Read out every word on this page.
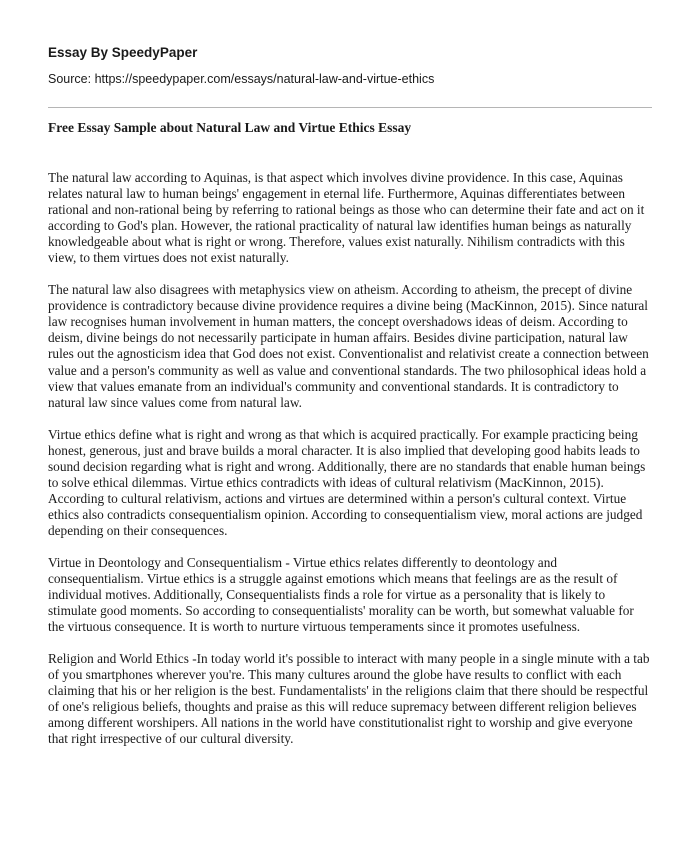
Essay By SpeedyPaper
Source: https://speedypaper.com/essays/natural-law-and-virtue-ethics
Free Essay Sample about Natural Law and Virtue Ethics Essay

The natural law according to Aquinas, is that aspect which involves divine providence. In this case, Aquinas relates natural law to human beings' engagement in eternal life. Furthermore, Aquinas differentiates between rational and non-rational being by referring to rational beings as those who can determine their fate and act on it according to God's plan. However, the rational practicality of natural law identifies human beings as naturally knowledgeable about what is right or wrong. Therefore, values exist naturally. Nihilism contradicts with this view, to them virtues does not exist naturally.

The natural law also disagrees with metaphysics view on atheism. According to atheism, the precept of divine providence is contradictory because divine providence requires a divine being (MacKinnon, 2015). Since natural law recognises human involvement in human matters, the concept overshadows ideas of deism. According to deism, divine beings do not necessarily participate in human affairs. Besides divine participation, natural law rules out the agnosticism idea that God does not exist. Conventionalist and relativist create a connection between value and a person's community as well as value and conventional standards. The two philosophical ideas hold a view that values emanate from an individual's community and conventional standards. It is contradictory to natural law since values come from natural law.

Virtue ethics define what is right and wrong as that which is acquired practically. For example practicing being honest, generous, just and brave builds a moral character. It is also implied that developing good habits leads to sound decision regarding what is right and wrong. Additionally, there are no standards that enable human beings to solve ethical dilemmas. Virtue ethics contradicts with ideas of cultural relativism (MacKinnon, 2015). According to cultural relativism, actions and virtues are determined within a person's cultural context. Virtue ethics also contradicts consequentialism opinion. According to consequentialism view, moral actions are judged depending on their consequences.

Virtue in Deontology and Consequentialism - Virtue ethics relates differently to deontology and consequentialism. Virtue ethics is a struggle against emotions which means that feelings are as the result of individual motives. Additionally, Consequentialists finds a role for virtue as a personality that is likely to stimulate good moments. So according to consequentialists' morality can be worth, but somewhat valuable for the virtuous consequence. It is worth to nurture virtuous temperaments since it promotes usefulness.

Religion and World Ethics -In today world it's possible to interact with many people in a single minute with a tab of you smartphones wherever you're. This many cultures around the globe have results to conflict with each claiming that his or her religion is the best. Fundamentalists' in the religions claim that there should be respectful of one's religious beliefs, thoughts and praise as this will reduce supremacy between different religion believes among different worshipers. All nations in the world have constitutionalist right to worship and give everyone that right irrespective of our cultural diversity.
